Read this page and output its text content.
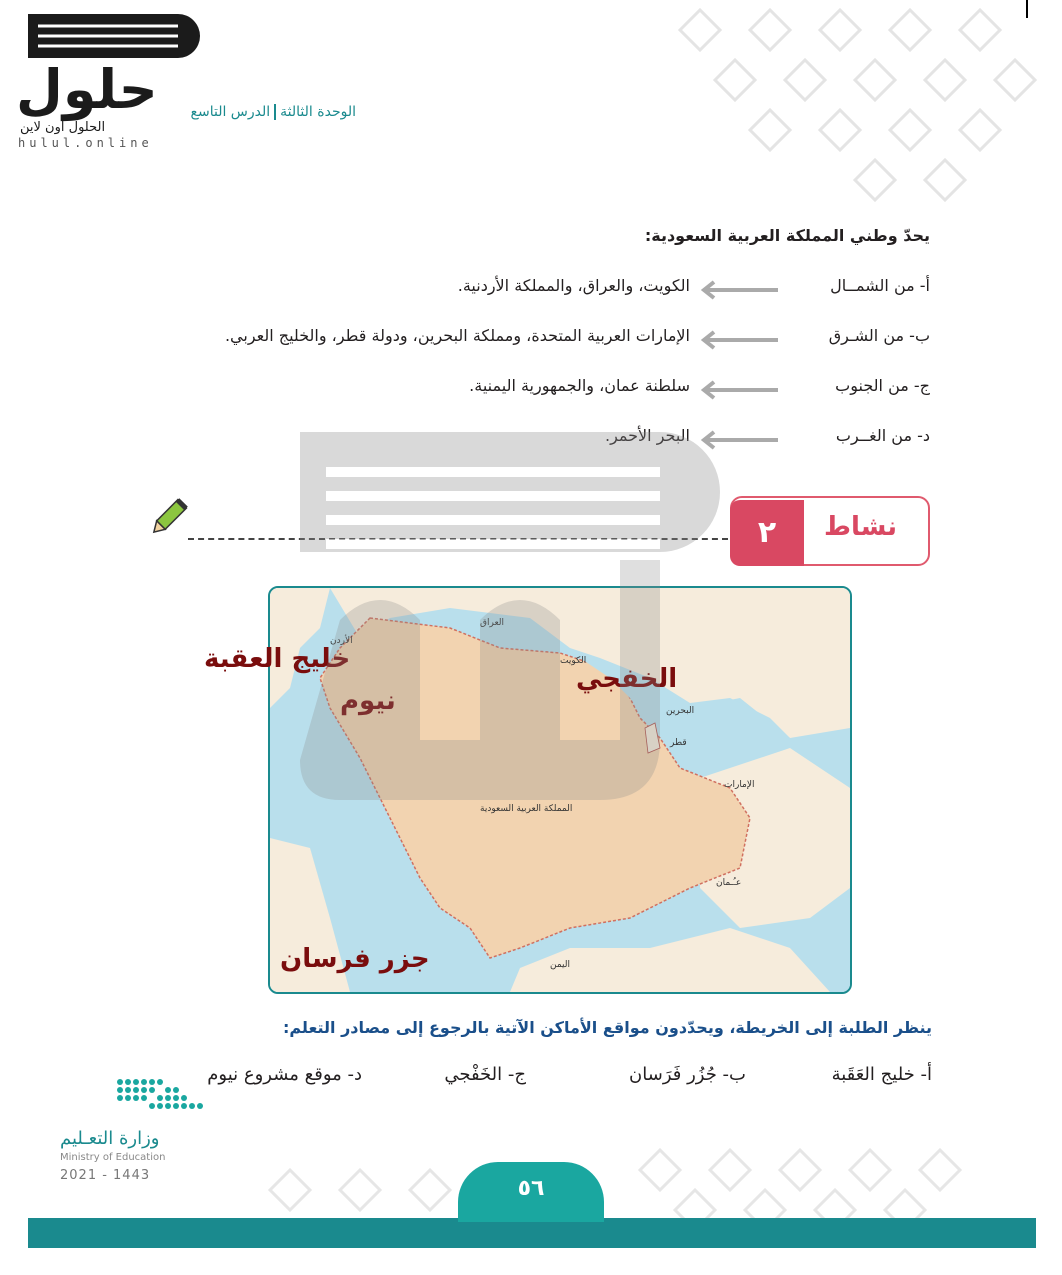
الوحدة الثالثةالدرس التاسع
حلول
الحلول اون لاين
hulul.online
يحدّ وطني المملكة العربية السعودية:
أ- من الشمــال
الكويت، والعراق، والمملكة الأردنية.
ب- من الشـرق
الإمارات العربية المتحدة، ومملكة البحرين، ودولة قطر، والخليج العربي.
ج- من الجنوب
سلطنة عمان، والجمهورية اليمنية.
د- من الغــرب
البحر الأحمر.
٢	نشاط
العراق
الأردن
الكويت
البحرين
قطر
الإمارات
المملكة العربية السعودية
عـُـمان
اليمن
خليج العقبة
نيوم
الخفجي
جزر فرسان
ينظر الطلبة إلى الخريطة، ويحدّدون مواقع الأماكن الآتية بالرجوع إلى مصادر التعلم:
أ- خليج العَقَبة
ب- جُزُر فَرَسان
ج- الخَفْجي
د- موقع مشروع نيوم
وزارة التعـليم
Ministry of Education
2021 - 1443
٥٦
